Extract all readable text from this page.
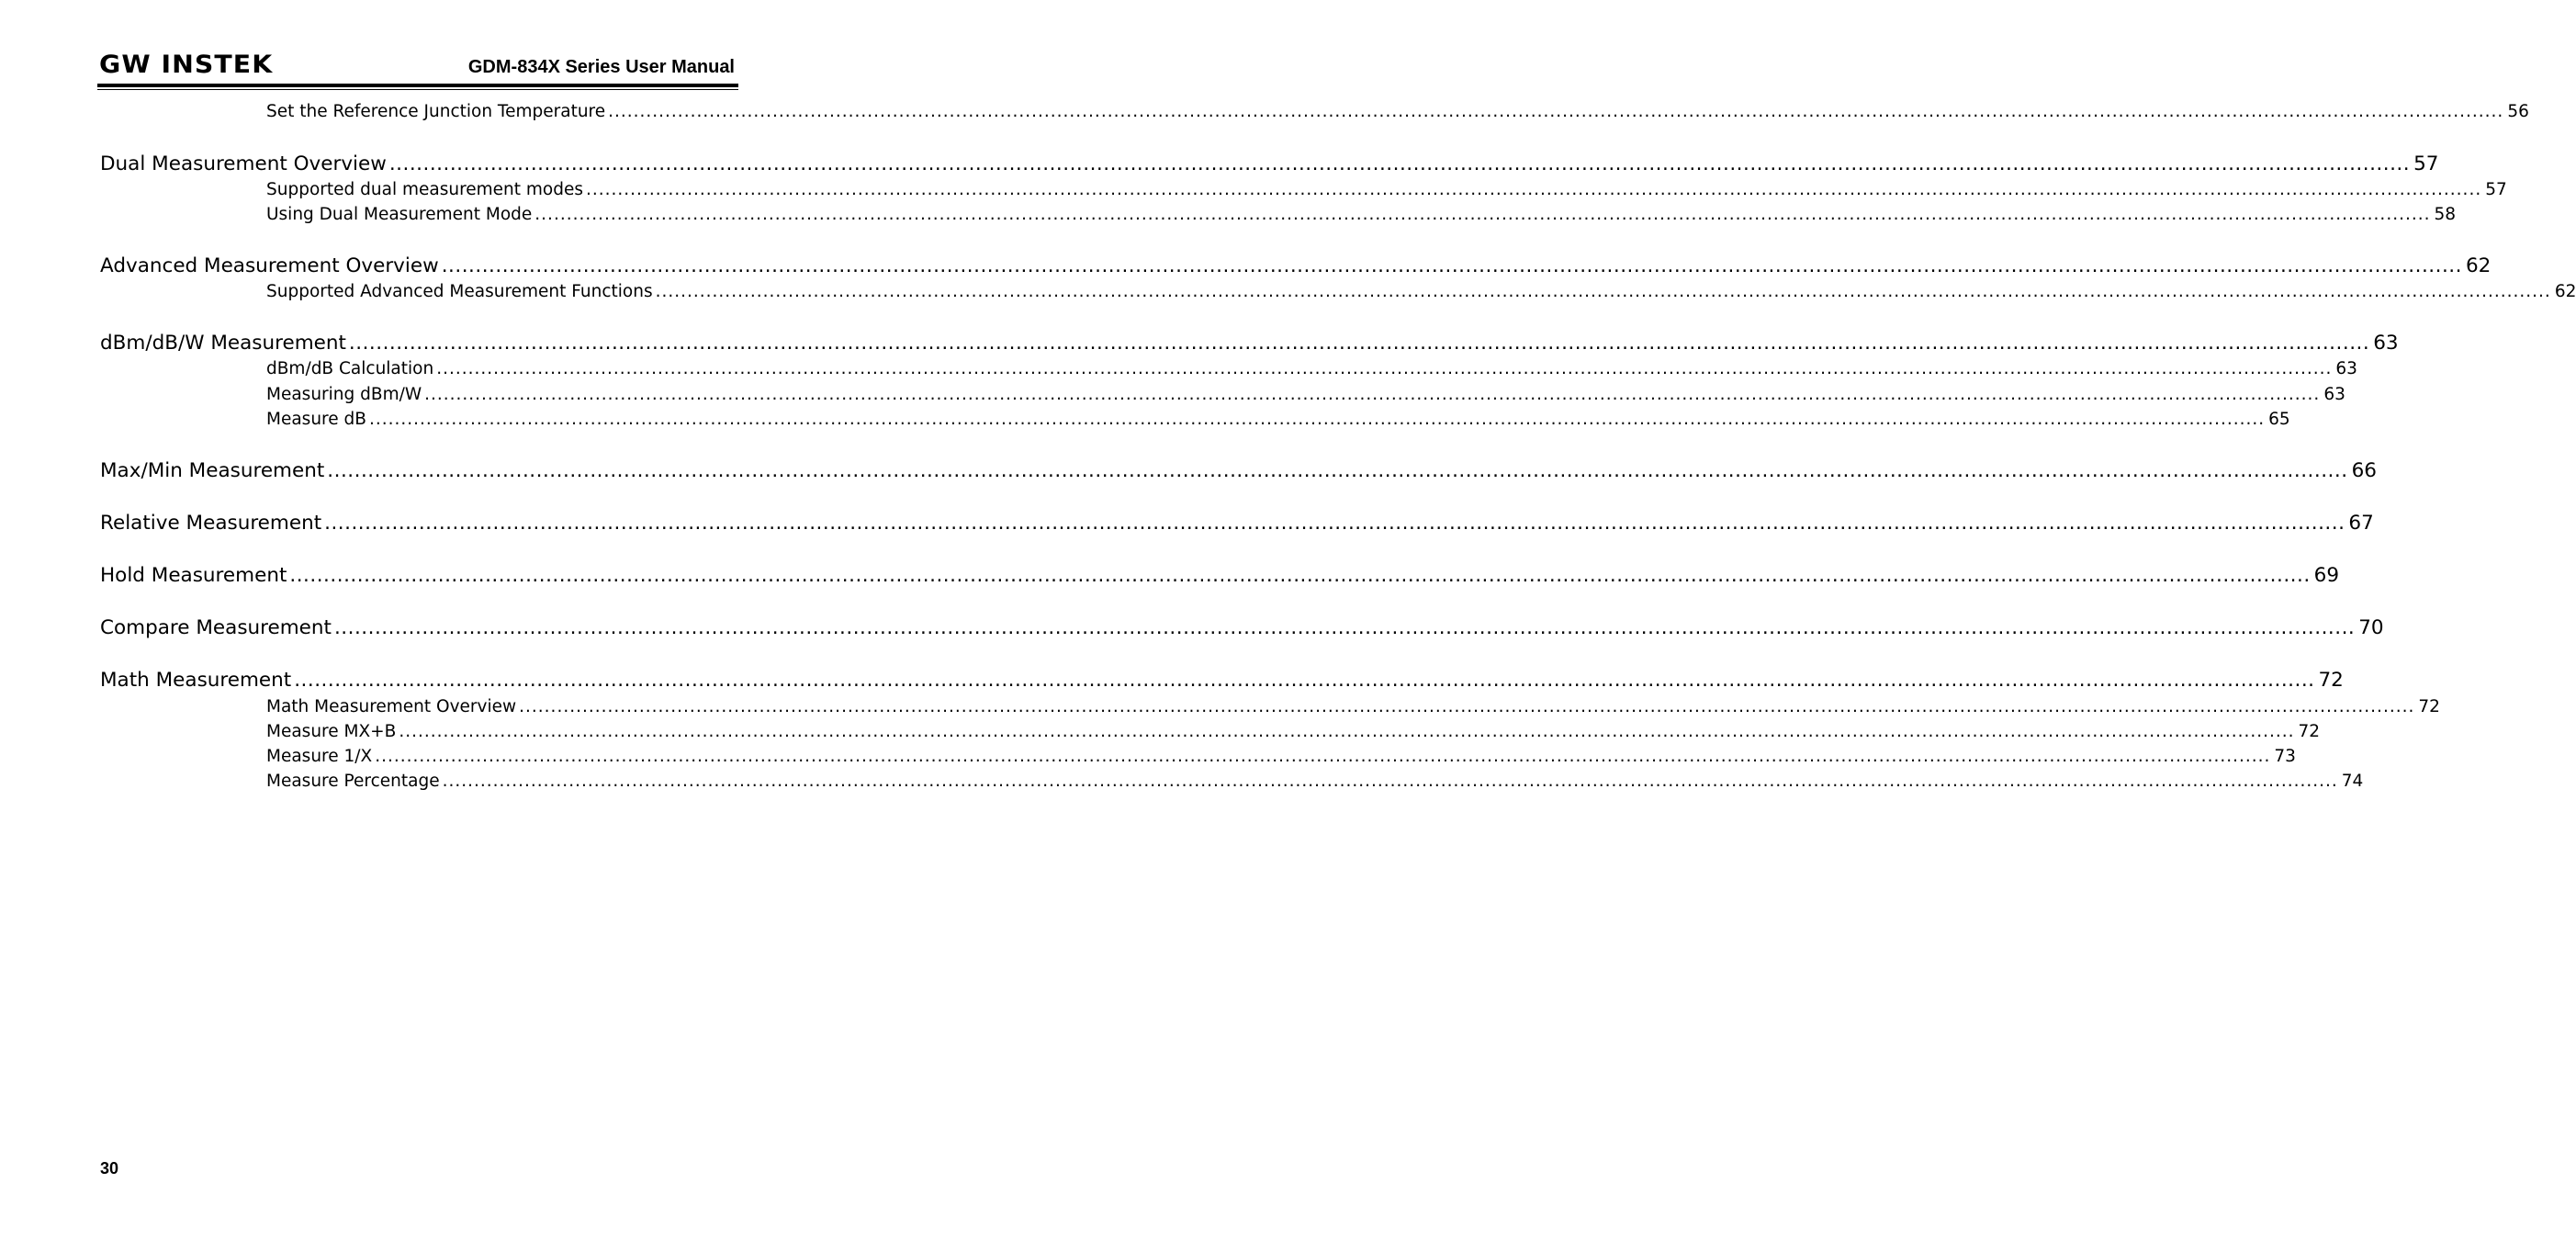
GW INSTEK	GDM-834X Series User Manual
Set the Reference Junction Temperature ............................................................................................................................................................................................................................................................................................................ 56
Dual Measurement Overview ............................................................................................................................................................................................................................................................................................................ 57
Supported dual measurement modes ............................................................................................................................................................................................................................................................................................................ 57
Using Dual Measurement Mode ............................................................................................................................................................................................................................................................................................................ 58
Advanced Measurement Overview ............................................................................................................................................................................................................................................................................................................ 62
Supported Advanced Measurement Functions ............................................................................................................................................................................................................................................................................................................ 62
dBm/dB/W Measurement ............................................................................................................................................................................................................................................................................................................ 63
dBm/dB Calculation ............................................................................................................................................................................................................................................................................................................ 63
Measuring dBm/W ............................................................................................................................................................................................................................................................................................................ 63
Measure dB ............................................................................................................................................................................................................................................................................................................ 65
Max/Min Measurement ............................................................................................................................................................................................................................................................................................................ 66
Relative Measurement ............................................................................................................................................................................................................................................................................................................ 67
Hold Measurement ............................................................................................................................................................................................................................................................................................................ 69
Compare Measurement ............................................................................................................................................................................................................................................................................................................ 70
Math Measurement ............................................................................................................................................................................................................................................................................................................ 72
Math Measurement Overview ............................................................................................................................................................................................................................................................................................................ 72
Measure MX+B ............................................................................................................................................................................................................................................................................................................ 72
Measure 1/X ............................................................................................................................................................................................................................................................................................................ 73
Measure Percentage ............................................................................................................................................................................................................................................................................................................ 74
30
